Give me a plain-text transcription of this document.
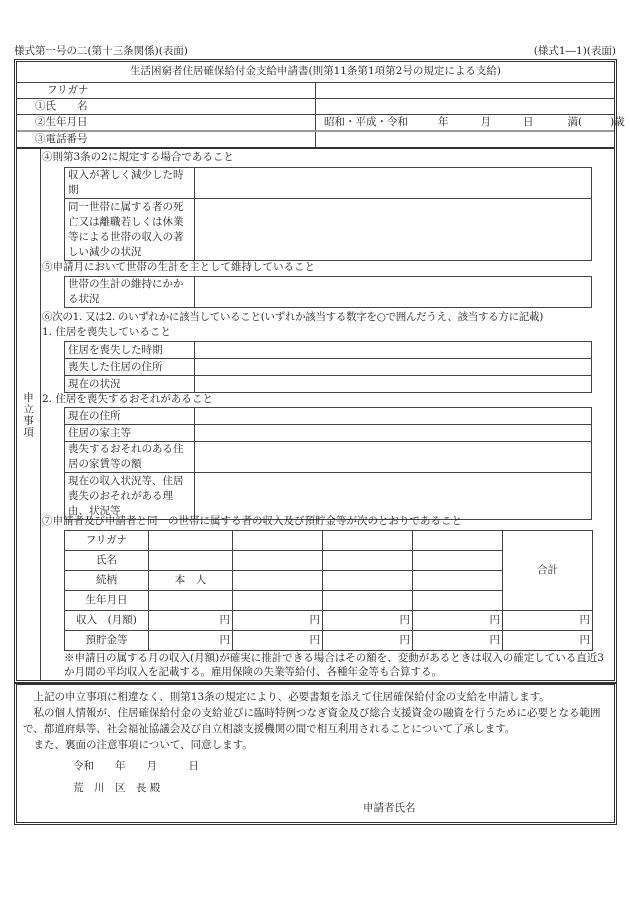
様式第一号の二(第十三条関係)(表面)	(様式1―1)(表面)
生活困窮者住居確保給付金支給申請書(則第11条第1項第2号の規定による支給)	
フリガナ	
①氏　　名	
②生年月日	昭和・平成・令和 年 月 日 満( )歳
③電話番号	
申立事項
④則第3条の2に規定する場合であること
収入が著しく減少した時期	
同一世帯に属する者の死亡又は離職若しくは休業等による世帯の収入の著しい減少の状況	
⑤申請月において世帯の生計を主として維持していること
世帯の生計の維持にかかる状況	
⑥次の1. 又は2. のいずれかに該当していること(いずれか該当する数字を○で囲んだうえ、該当する方に記載)
1. 住居を喪失していること
住居を喪失した時期	
喪失した住居の住所	
現在の状況	
2. 住居を喪失するおそれがあること
現在の住所	
住居の家主等	
喪失するおそれのある住居の家賃等の額	
現在の収入状況等、住居喪失のおそれがある理由、状況等	
⑦申請者及び申請者と同一の世帯に属する者の収入及び預貯金等が次のとおりであること
フリガナ					合計
氏名					
続柄	本　人				
生年月日					
収入　(月額)	円	円	円	円	円
預貯金等	円	円	円	円	円
※申請日の属する月の収入(月額)が確実に推計できる場合はその額を、変動があるときは収入の確定している直近3か月間の平均収入を記載する。雇用保険の失業等給付、各種年金等も合算する。

上記の申立事項に相違なく、則第13条の規定により、必要書類を添えて住居確保給付金の支給を申請します。

私の個人情報が、住居確保給付金の支給並びに臨時特例つなぎ資金及び総合支援資金の融資を行うために必要となる範囲で、都道府県等、社会福祉協議会及び自立相談支援機関の間で相互利用されることについて了承します。

また、裏面の注意事項について、同意します。

令和　　年　　月　　　日
荒　川　区　長 殿
申請者氏名
